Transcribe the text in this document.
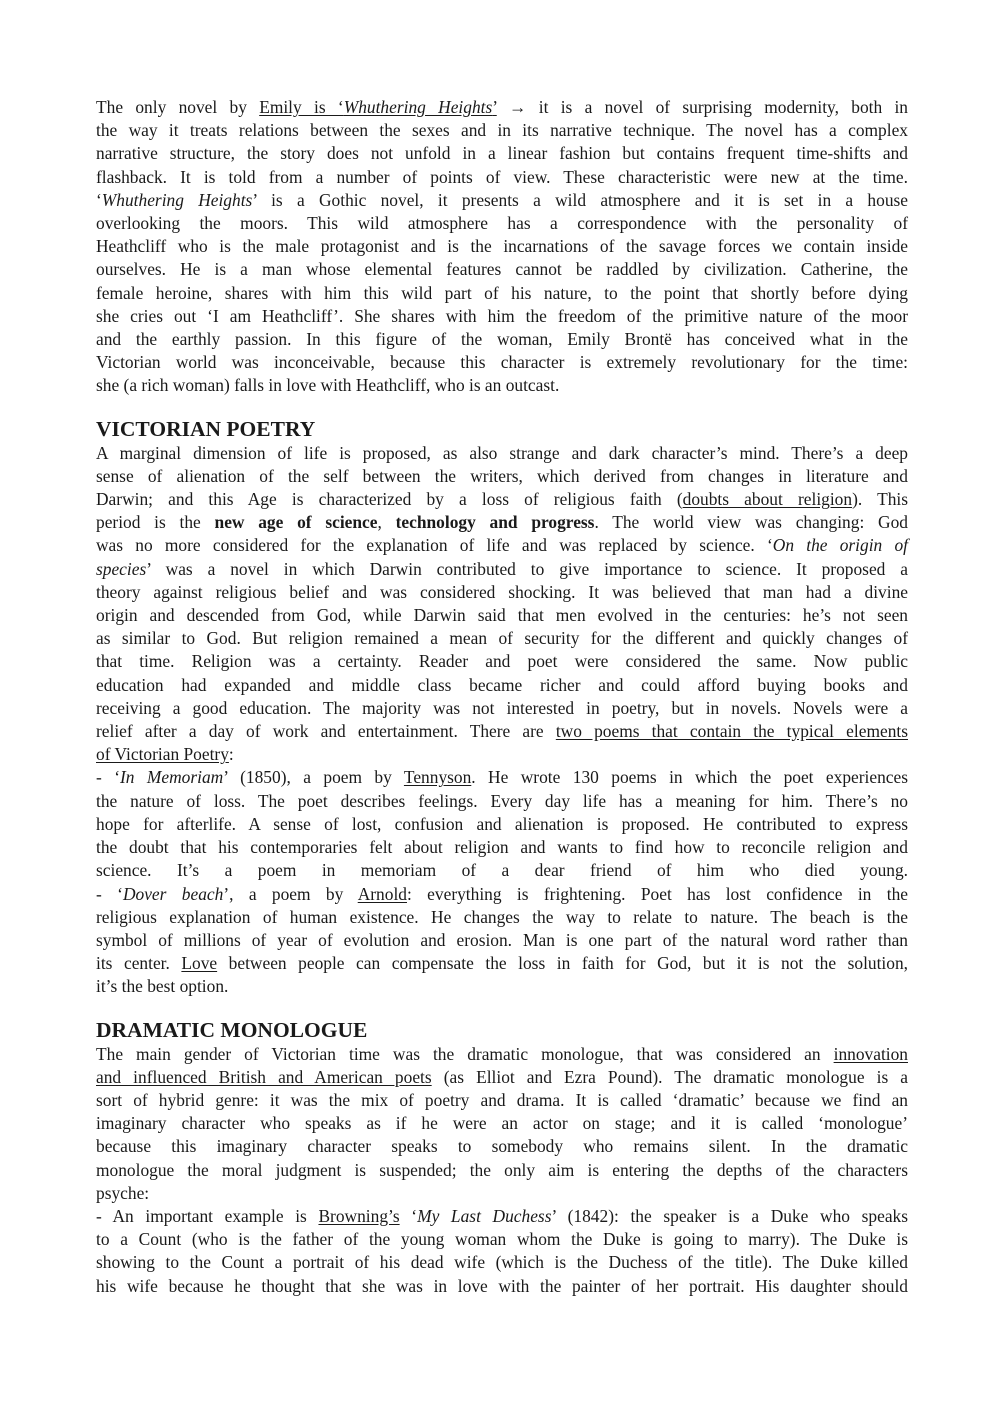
The only novel by Emily is ‘Whuthering Heights’ → it is a novel of surprising modernity, both in
the way it treats relations between the sexes and in its narrative technique. The novel has a complex
narrative structure, the story does not unfold in a linear fashion but contains frequent time-shifts and
flashback. It is told from a number of points of view. These characteristic were new at the time.
‘Whuthering Heights’ is a Gothic novel, it presents a wild atmosphere and it is set in a house
overlooking the moors. This wild atmosphere has a correspondence with the personality of
Heathcliff who is the male protagonist and is the incarnations of the savage forces we contain inside
ourselves. He is a man whose elemental features cannot be raddled by civilization. Catherine, the
female heroine, shares with him this wild part of his nature, to the point that shortly before dying
she cries out ‘I am Heathcliff’. She shares with him the freedom of the primitive nature of the moor
and the earthly passion. In this figure of the woman, Emily Brontë has conceived what in the
Victorian world was inconceivable, because this character is extremely revolutionary for the time:
she (a rich woman) falls in love with Heathcliff, who is an outcast.
VICTORIAN POETRY
A marginal dimension of life is proposed, as also strange and dark character’s mind. There’s a deep
sense of alienation of the self between the writers, which derived from changes in literature and
Darwin; and this Age is characterized by a loss of religious faith (doubts about religion). This
period is the new age of science, technology and progress. The world view was changing: God
was no more considered for the explanation of life and was replaced by science. ‘On the origin of
species’ was a novel in which Darwin contributed to give importance to science. It proposed a
theory against religious belief and was considered shocking. It was believed that man had a divine
origin and descended from God, while Darwin said that men evolved in the centuries: he’s not seen
as similar to God. But religion remained a mean of security for the different and quickly changes of
that time. Religion was a certainty. Reader and poet were considered the same. Now public
education had expanded and middle class became richer and could afford buying books and
receiving a good education. The majority was not interested in poetry, but in novels. Novels were a
relief after a day of work and entertainment. There are two poems that contain the typical elements
of Victorian Poetry:
- ‘In Memoriam’ (1850), a poem by Tennyson. He wrote 130 poems in which the poet experiences
the nature of loss. The poet describes feelings. Every day life has a meaning for him. There’s no
hope for afterlife. A sense of lost, confusion and alienation is proposed. He contributed to express
the doubt that his contemporaries felt about religion and wants to find how to reconcile religion and
science. It’s a poem in memoriam of a dear friend of him who died young.
- ‘Dover beach’, a poem by Arnold: everything is frightening. Poet has lost confidence in the
religious explanation of human existence. He changes the way to relate to nature. The beach is the
symbol of millions of year of evolution and erosion. Man is one part of the natural word rather than
its center. Love between people can compensate the loss in faith for God, but it is not the solution,
it’s the best option.
DRAMATIC MONOLOGUE
The main gender of Victorian time was the dramatic monologue, that was considered an innovation
and influenced British and American poets (as Elliot and Ezra Pound). The dramatic monologue is a
sort of hybrid genre: it was the mix of poetry and drama. It is called ‘dramatic’ because we find an
imaginary character who speaks as if he were an actor on stage; and it is called ‘monologue’
because this imaginary character speaks to somebody who remains silent. In the dramatic
monologue the moral judgment is suspended; the only aim is entering the depths of the characters
psyche:
- An important example is Browning’s ‘My Last Duchess’ (1842): the speaker is a Duke who speaks
to a Count (who is the father of the young woman whom the Duke is going to marry). The Duke is
showing to the Count a portrait of his dead wife (which is the Duchess of the title). The Duke killed
his wife because he thought that she was in love with the painter of her portrait. His daughter should
